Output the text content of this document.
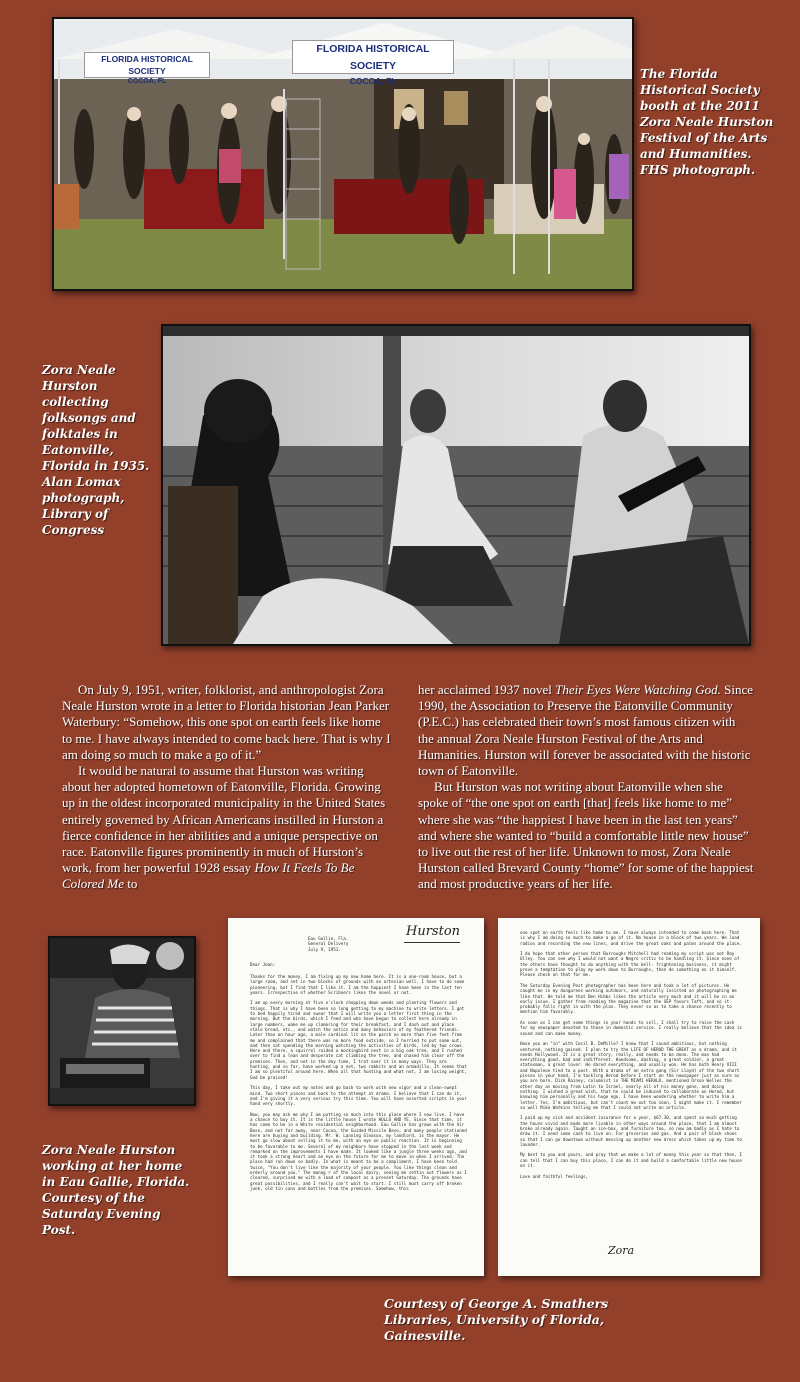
FLORIDA HISTORICAL SOCIETY
COCOA, FL
FLORIDA HISTORICAL SOCIETY
COCOA, FL	The Florida Historical Society booth at the 2011 Zora Neale Hurston Festival of the Arts and Humanities. FHS photograph.
Zora Neale Hurston collecting folksongs and folktales in Eatonville, Florida in 1935. Alan Lomax photograph, Library of Congress

On July 9, 1951, writer, folklorist, and anthropologist Zora Neale Hurston wrote in a letter to Florida historian Jean Parker Waterbury: “Somehow, this one spot on earth feels like home to me. I have always intended to come back here. That is why I am doing so much to make a go of it.”

It would be natural to assume that Hurston was writing about her adopted hometown of Eatonville, Florida. Growing up in the oldest incorporated municipality in the United States entirely governed by African Americans instilled in Hurston a fierce confidence in her abilities and a unique perspective on race. Eatonville figures prominently in much of Hurston’s work, from her powerful 1928 essay How It Feels To Be Colored Me to

her acclaimed 1937 novel Their Eyes Were Watching God. Since 1990, the Association to Preserve the Eatonville Community (P.E.C.) has celebrated their town’s most famous citizen with the annual Zora Neale Hurston Festival of the Arts and Humanities. Hurston will forever be associated with the historic town of Eatonville.

But Hurston was not writing about Eatonville when she spoke of “the one spot on earth [that] feels like home to me” where she was “the happiest I have been in the last ten years” and where she wanted to “build a comfortable little new house” to live out the rest of her life. Unknown to most, Zora Neale Hurston called Brevard County “home” for some of the happiest and most productive years of her life.

Zora Neale Hurston working at her home in Eau Gallie, Florida. Courtesy of the Saturday Evening Post.
Hurston
Eau Gallie, Fla.
General Delivery
July 9, 1951.
Dear Jean:
Thanks for the money. I am fixing up my new home here. It is a one-room house, but a large room, and set in two blocks of grounds with an artesian well. I have to do some pioneering, but I find that I like it. I am the happiest I have been in the last ten years. Irrespective of whether Scribners likes the novel or not.

I am up every morning at five o'clock chopping down weeds and planting flowers and things. That is why I have been so long getting to my machine to write letters. I got to bed happily tired and swear that I will write you a letter first thing in the morning. But the birds, which I feed and who have begun to collect here already in large numbers, wake me up clamoring for their breakfast, and I dash out and place stale bread, etc., and watch the antics and many behaviors of my feathered friends. Later than an hour ago, a male cardinal lit on the porch no more than five feet from me and complained that there was no more food outside, so I hurried to put some out, and then sat spending the morning watching the activities of birds, led by two crows. Here and there, a squirrel raided a mockingbird nest in a big oak tree, and I rushed over to find a lean and desperate cat climbing the tree, and chased him clear off the premises. Then, and not in the day time, I trot over it in many ways. They are hunting, and so far, have worked up a net, two rabbits and an armadillo. It seems that I am so plentiful around here. When all that hunting and what not, I am losing weight, God be praised!

This day, I take out my notes and go back to work with new vigor and a clean-swept mind. Two short pieces and back to the attempt at drama. I believe that I can do it, and I'm giving it a very serious try this time. You will have assorted scripts in your hand very shortly.

Now, you may ask me why I am putting so much into this place where I now live. I have a chance to buy it. It is the little house I wrote HOLLO AND YE. Since that time, it has come to be in a White residential neighborhood. Eau Gallie has grown with the Air Base, and not far away, near Cocoa, the Guided Missile Base, and many people stationed here are buying and building. Mr. W. Lanning Gleason, my landlord, is the mayor. He must go slow about selling it to me, with an eye on public reaction. It is beginning to be favorable to me. Several of my neighbors have stopped in the last week and remarked on the improvements I have made. It looked like a jungle three weeks ago, and it took a strong heart and an eye on the future for me to move in when I arrived. The place had run down so badly. In what is meant to be a compliment, I have been told twice, "You don't live like the majority of your people. You like things clean and orderly around you." The manag r of the local dairy, seeing me settin out flowers as I cleared, surprised me with a load of compost as a present Saturday. The grounds have great possibilities, and I really can't wait to start. I still must carry off broken junk, old tin cans and bottles from the premises. Somehow, this
one spot on earth feels like home to me. I have always intended to come back here. That is why I am doing so much to make a go of it. No house in a block of two years. We load radios and recording the new lines, and drive the great oaks and palms around the place.

I do hope that other person that Burroughs Mitchell had reading my script was not Ray Olley. You can see why I would not want a Negro critic to be handling it. Since none of the others have thought to do anything with the bell- frightening business, it might prove a temptation to play my work down to Burroughs, then do something on it himself. Please check on that for me.

The Saturday Evening Post photographer has been here and took a lot of pictures. He caught me in my dungarees working outdoors, and naturally insisted on photographing me like that. He told me that Ben Hibbs likes the article very much and it will be in an early issue. I gather from reading the magazine that the SEP favors Taft, and so it probably falls right in with the plan. They never so as to take a chance recently to mention him favorably.

As soon as I can get some things in your hands to sell, I shall try to raise the cash for my newspaper devoted to those in domestic service. I really believe that the idea is sound and can make money.

Have you an "in" with Cecil B. DeMille? I know that I sound ambitious, but nothing ventured, nothing gained. I plan to try the LIFE OF HEROD THE GREAT as a drama, and it needs Hollywood. It is a great story, really, and needs to be done. The man had everything good, bad and indifferent. Handsome, dashing, a great soldier, a great statesman, a great lover. He dared everything, and usually won. He has both Henry VIII and Napoleon tied to a post. With a drama of an extra gang (Sir Lloyd) of the two short pieces in your hand, I'm tackling Herod before I start on the newspaper just as sure as you are born. Dick Rainey, columnist in THE MIAMI HERALD, mentioned Orson Welles the other day as moving from Latin to Israel, nearly all of his money gone, and doing nothing. I wished a great wish, that he could be induced to collaborate on Herod, but knowing him personally and his huge ego, I have been wondering whether to write him a letter. Yes, I'm ambitious, but can't count me out too soon, I might make it. I remember so well Mike Watkins telling me that I could not write an article.

I paid up my sick and accident insurance for a year, $67.30, and spent so much getting the house vivid and made more livable in other ways around the place, that I am almost broke already again. Taught an ice-box, and furniture too, so now am badly as I hate to draw it. I need some cash to live on. For groceries and gas. And a pair of black shoes so that I can go downtown without messing up another new dress which takes up my time to launder.

My best to you and yours, and pray that we make a lot of money this year so that then, I can tell that I can buy this place, I can do it and build a comfortable little new house on it.

Love and faithful feelings,
Zora
Courtesy of George A. Smathers Libraries, University of Florida, Gainesville.
